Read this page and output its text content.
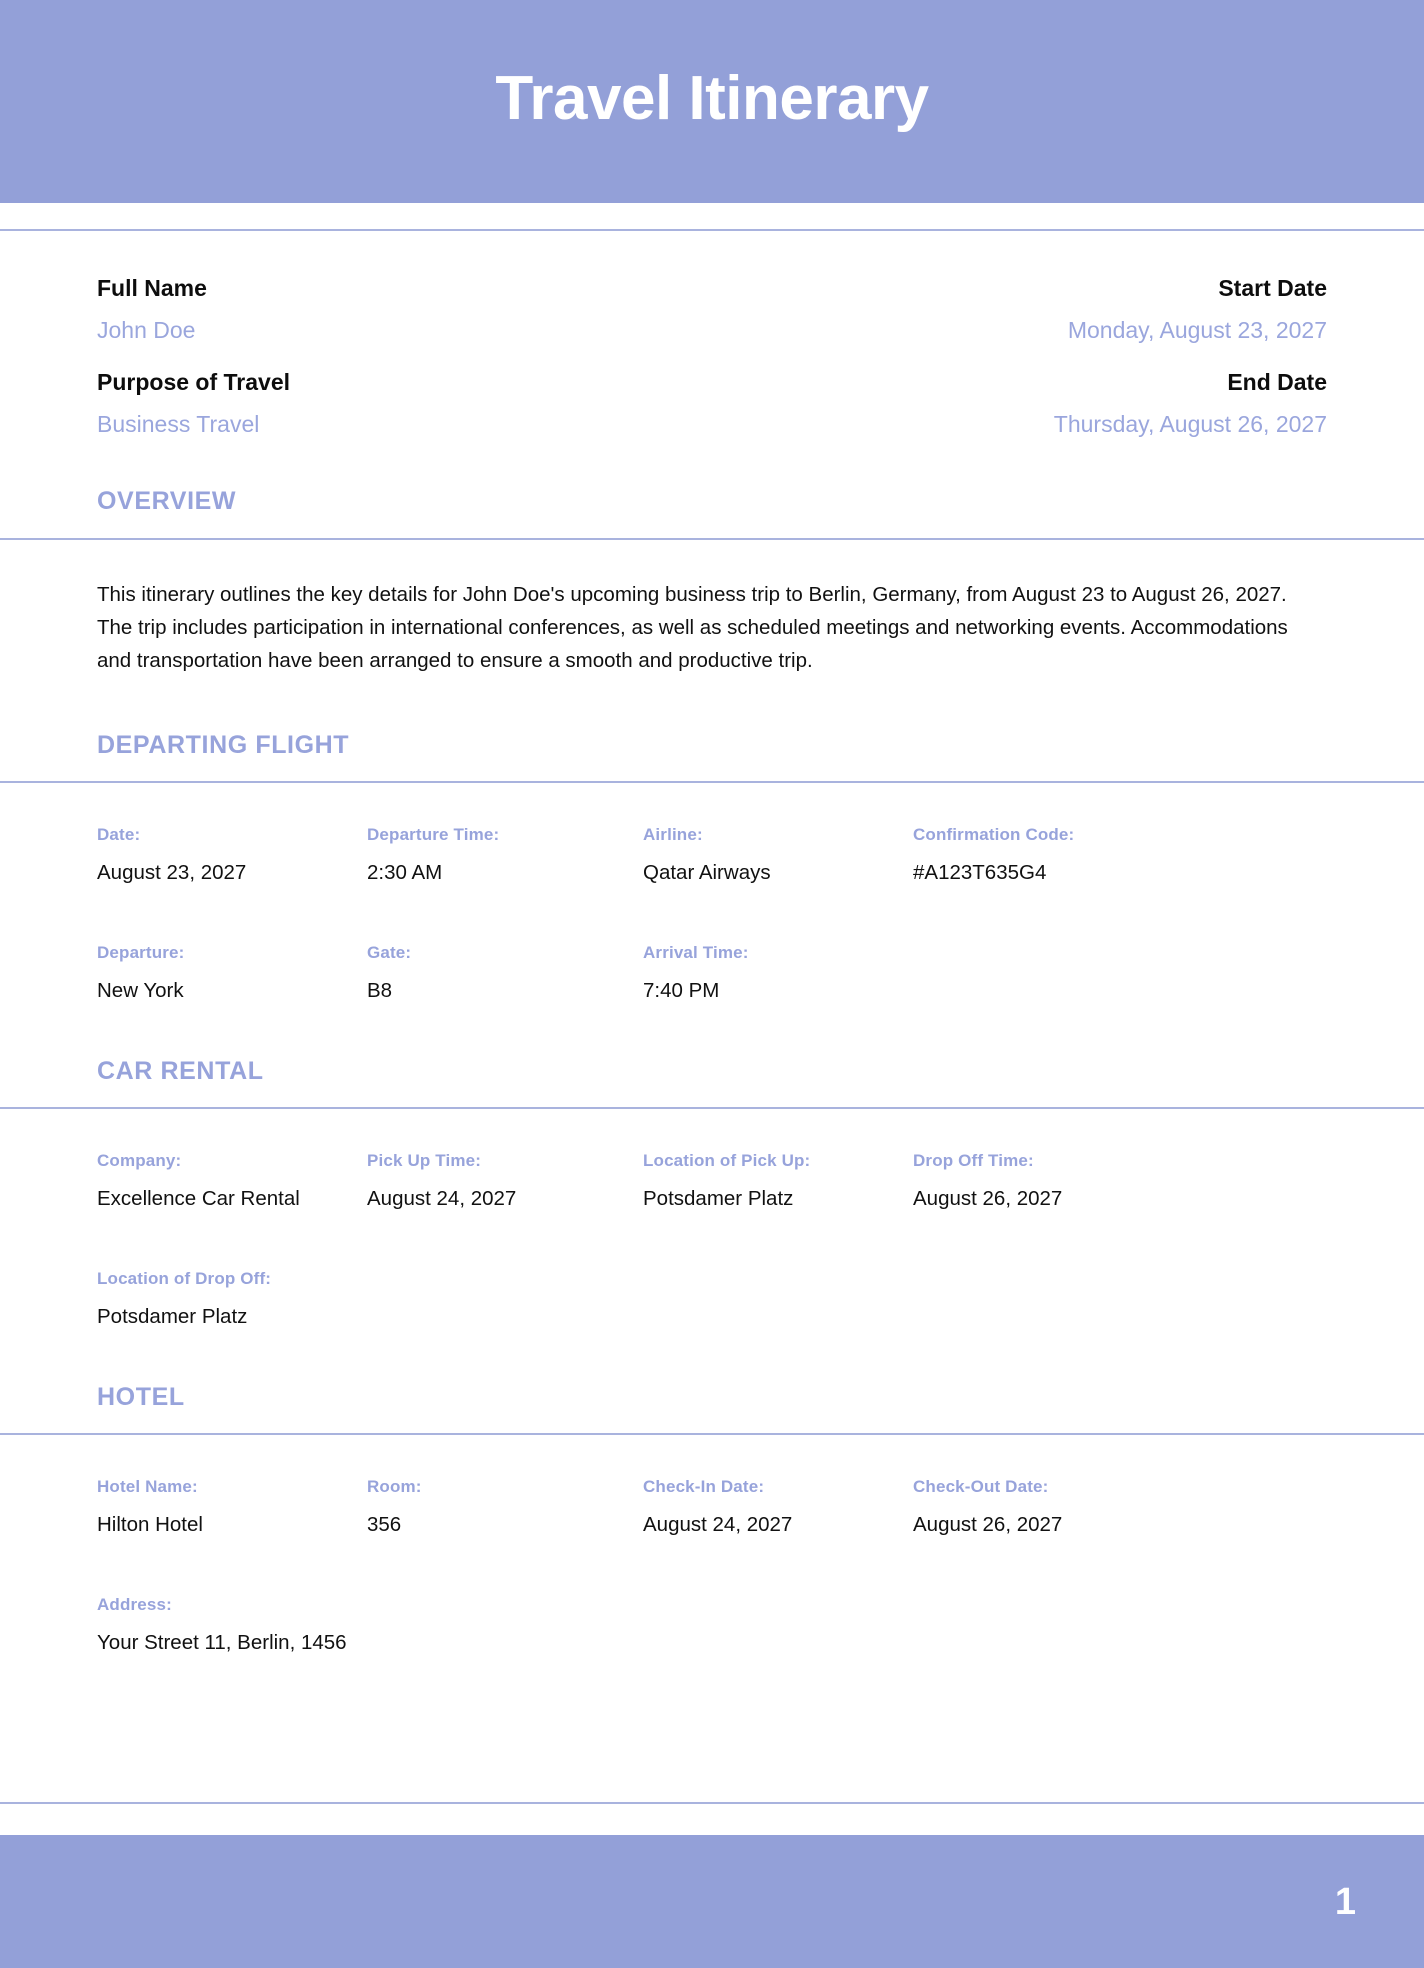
Travel Itinerary
Full Name
John Doe
Start Date
Monday, August 23, 2027
Purpose of Travel
Business Travel
End Date
Thursday, August 26, 2027
OVERVIEW

This itinerary outlines the key details for John Doe's upcoming business trip to Berlin, Germany, from August 23 to August 26, 2027. The trip includes participation in international conferences, as well as scheduled meetings and networking events. Accommodations and transportation have been arranged to ensure a smooth and productive trip.

DEPARTING FLIGHT
Date:
August 23, 2027
Departure Time:
2:30 AM
Airline:
Qatar Airways
Confirmation Code:
#A123T635G4
Departure:
New York
Gate:
B8
Arrival Time:
7:40 PM
CAR RENTAL
Company:
Excellence Car Rental
Pick Up Time:
August 24, 2027
Location of Pick Up:
Potsdamer Platz
Drop Off Time:
August 26, 2027
Location of Drop Off:
Potsdamer Platz
HOTEL
Hotel Name:
Hilton Hotel
Room:
356
Check-In Date:
August 24, 2027
Check-Out Date:
August 26, 2027
Address:
Your Street 11, Berlin, 1456
1
